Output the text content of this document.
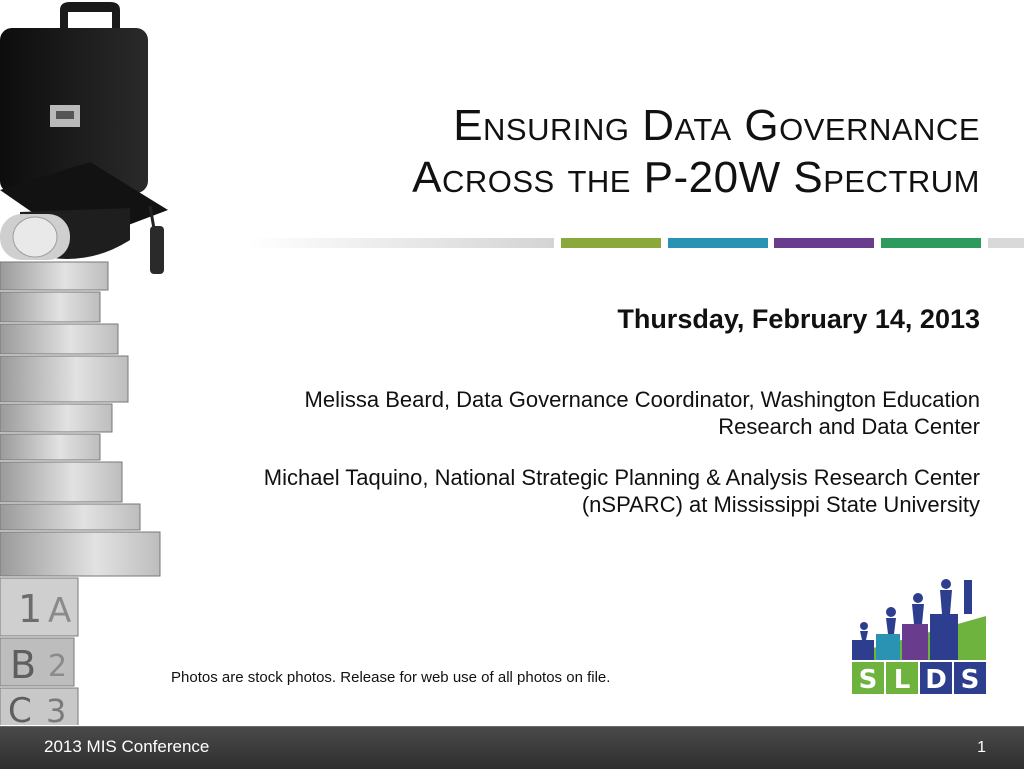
1 A
B 2
C 3
Ensuring Data Governance
Across the P-20W Spectrum
Thursday, February 14, 2013
Melissa Beard, Data Governance Coordinator, Washington Education Research and Data Center
Michael Taquino, National Strategic Planning & Analysis Research Center (nSPARC) at Mississippi State University
Photos are stock photos. Release for web use of all photos on file.	S L D S
2013 MIS Conference	1
